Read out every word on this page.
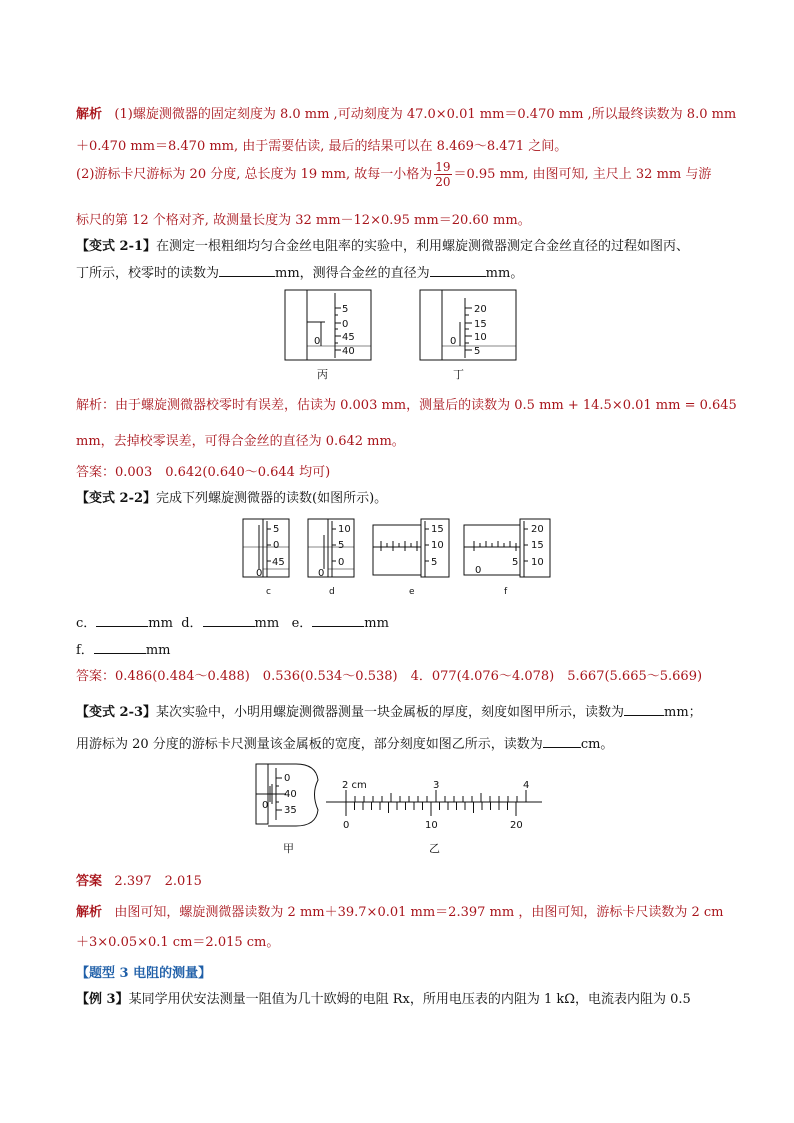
解析 (1)螺旋测微器的固定刻度为 8.0 mm ,可动刻度为 47.0×0.01 mm＝0.470 mm ,所以最终读数为 8.0 mm
＋0.470 mm＝8.470 mm, 由于需要估读, 最后的结果可以在 8.469～8.471 之间。
(2)游标卡尺游标为 20 分度, 总长度为 19 mm, 故每一小格为 $\frac{19}{20} =0.95$ mm, 由图可知, 主尺上 32 mm 与游
标尺的第 12 个格对齐, 故测量长度为 32 mm－12×0.95 mm＝20.60 mm。
【变式 2-1】在测定一根粗细均匀合金丝电阻率的实验中，利用螺旋测微器测定合金丝直径的过程如图丙、
丁所示，校零时的读数为	mm，测得合金丝的直径为	mm。
5
0
45
40
0
丙
20
15
10
5
0
丁
解析：由于螺旋测微器校零时有误差，估读为 0.003 mm，测量后的读数为 0.5 mm + 14.5×0.01 mm = 0.645
mm，去掉校零误差，可得合金丝的直径为 0.642 mm。
答案：0.003　0.642(0.640～0.644 均可)
【变式 2-2】完成下列螺旋测微器的读数(如图所示)。
5
0
45
0
c
10
5
0
0
d
15
10
5
e
20
15
10
0
5
f
c．	mm d．	mm e．	mm
f．	mm
答案：0.486(0.484～0.488)　0.536(0.534～0.538)　4．077(4.076～4.078)　5.667(5.665～5.669)
【变式 2-3】某次实验中，小明用螺旋测微器测量一块金属板的厚度，刻度如图甲所示，读数为	mm；
用游标为 20 分度的游标卡尺测量该金属板的宽度，部分刻度如图乙所示，读数为	cm。
0
40
35
0
甲
2 cm	3	4
0	10	20
乙
答案 2.397　2.015
解析 由图可知，螺旋测微器读数为 2 mm＋39.7×0.01 mm＝2.397 mm ，由图可知，游标卡尺读数为 2 cm
＋3×0.05×0.1 cm＝2.015 cm。
【题型 3 电阻的测量】
【例 3】某同学用伏安法测量一阻值为几十欧姆的电阻 Rx，所用电压表的内阻为 1 kΩ，电流表内阻为 0.5
